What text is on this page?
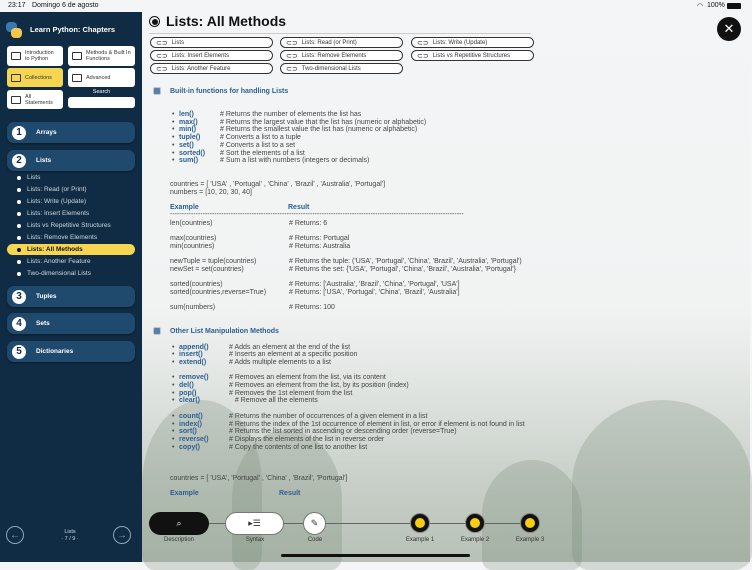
23:17 Domingo 6 de agosto	◠ 100%
Learn Python: Chapters
Introduction to Python
Methods & Built In Functions
Collections	Advanced
All Statements
Search
1	Arrays
2	Lists
3	Tuples
4	Sets
5	Dictionaries
Lists
Lists: Read (or Print)
Lists: Write (Update)
Lists: Insert Elements
Lists vs Repetitive Structures
Lists: Remove Elements
Lists: All Methods
Lists: Another Feature
Two-dimensional Lists
←	Lists
· 7 / 9 ·	→
Lists: All Methods	✕
⊂⊃ Lists	⊂⊃ Lists: Read (or Print)	⊂⊃ Lists: Write (Update)
⊂⊃ Lists: Insert Elements	⊂⊃ Lists: Remove Elements	⊂⊃ Lists vs Repetitive Structures
⊂⊃ Lists: Another Feature	⊂⊃ Two-dimensional Lists
Built-in functions for handling Lists
• len()	# Returns the number of elements the list has
• max()	# Returns the largest value that the list has (numeric or alphabetic)
• min()	# Returns the smallest value the list has (numeric or alphabetic)
• tuple()	# Converts a list to a tuple
• set()	# Converts a list to a set
• sorted() # Sort the elements of a list
• sum()	# Sum a list with numbers (integers or decimals)
countries = [ 'USA' , 'Portugal' , 'China' , 'Brazil' , 'Australia', 'Portugal']
numbers = [10, 20, 30, 40]
Example	Result
------------------------------------------------------------------------------------------------------------------------------
len(countries)	# Returns: 6
max(countries)	# Returns: Portugal
min(countries)	# Returns: Australia
newTuple = tuple(countries)	# Returns the tuple: ('USA', 'Portugal', 'China', 'Brazil', 'Australia', 'Portugal')
newSet = set(countries)	# Returns the set: {'USA', 'Portugal', 'China', 'Brazil', 'Australia', 'Portugal'}
sorted(countries)	# Returns: ['Australia', 'Brazil', 'China', 'Portugal', 'USA']
sorted(countries,reverse=True)	# Returns: ['USA', 'Portugal', 'China', 'Brazil', 'Australia']
sum(numbers)	# Returns: 100
Other List Manipulation Methods
• append()	# Adds an element at the end of the list
• insert()	# Inserts an element at a specific position
• extend()	# Adds multiple elements to a list
• remove()	# Removes an element from the list, via its content
• del()	# Removes an element from the list, by its position (index)
• pop()	# Removes the 1st element from the list
• clear()	# Remove all the elements
• count()	# Returns the number of occurrences of a given element in a list
• index()	# Returns the index of the 1st occurrence of element in list, or error if element is not found in list
• sort()	# Returns the list sorted in ascending or descending order (reverse=True)
• reverse()	# Displays the elements of the list in reverse order
• copy()	# Copy the contents of one list to another list
countries = [ 'USA', 'Portugal' , 'China' , 'Brazil', 'Portugal']
Example	Result
⌕	▸☰	✎
Description	Syntax	Code	Example 1	Example 2	Example 3
